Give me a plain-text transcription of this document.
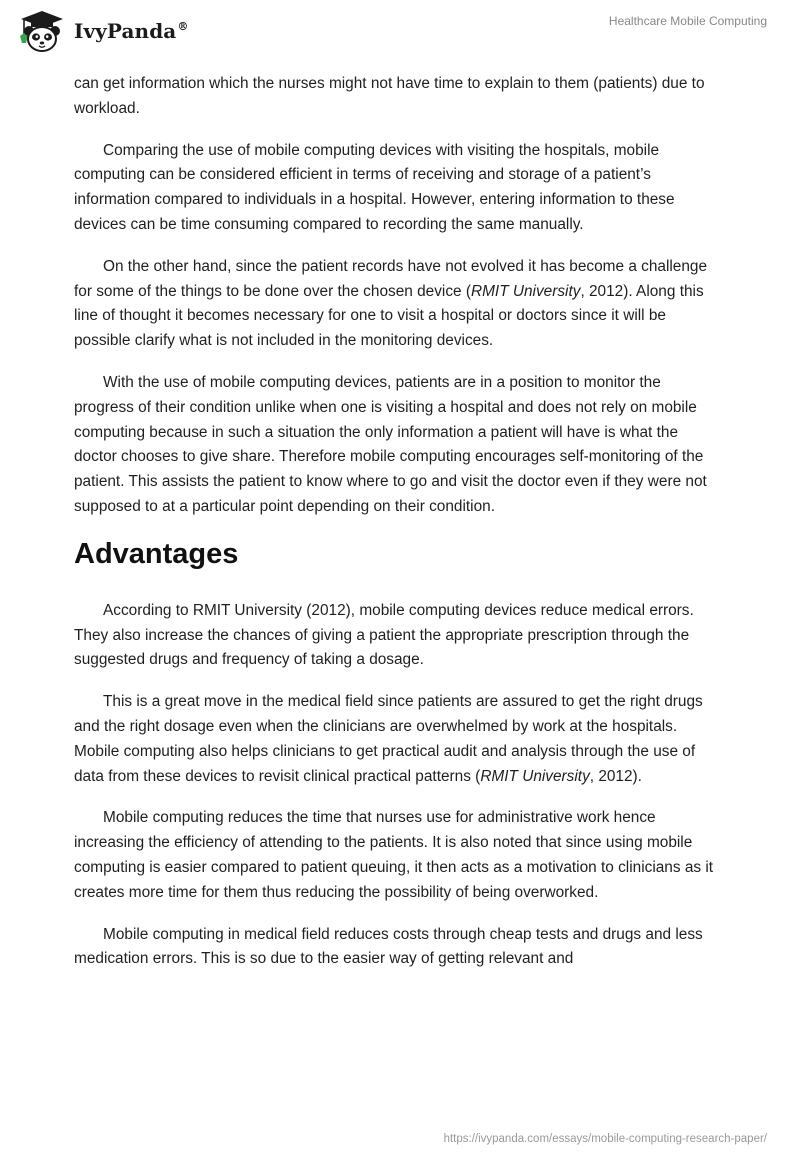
IvyPanda®	Healthcare Mobile Computing

can get information which the nurses might not have time to explain to them (patients) due to workload.

Comparing the use of mobile computing devices with visiting the hospitals, mobile computing can be considered efficient in terms of receiving and storage of a patient’s information compared to individuals in a hospital. However, entering information to these devices can be time consuming compared to recording the same manually.

On the other hand, since the patient records have not evolved it has become a challenge for some of the things to be done over the chosen device (RMIT University, 2012). Along this line of thought it becomes necessary for one to visit a hospital or doctors since it will be possible clarify what is not included in the monitoring devices.

With the use of mobile computing devices, patients are in a position to monitor the progress of their condition unlike when one is visiting a hospital and does not rely on mobile computing because in such a situation the only information a patient will have is what the doctor chooses to give share. Therefore mobile computing encourages self-monitoring of the patient. This assists the patient to know where to go and visit the doctor even if they were not supposed to at a particular point depending on their condition.

Advantages

According to RMIT University (2012), mobile computing devices reduce medical errors. They also increase the chances of giving a patient the appropriate prescription through the suggested drugs and frequency of taking a dosage.

This is a great move in the medical field since patients are assured to get the right drugs and the right dosage even when the clinicians are overwhelmed by work at the hospitals. Mobile computing also helps clinicians to get practical audit and analysis through the use of data from these devices to revisit clinical practical patterns (RMIT University, 2012).

Mobile computing reduces the time that nurses use for administrative work hence increasing the efficiency of attending to the patients. It is also noted that since using mobile computing is easier compared to patient queuing, it then acts as a motivation to clinicians as it creates more time for them thus reducing the possibility of being overworked.

Mobile computing in medical field reduces costs through cheap tests and drugs and less medication errors. This is so due to the easier way of getting relevant and

https://ivypanda.com/essays/mobile-computing-research-paper/
